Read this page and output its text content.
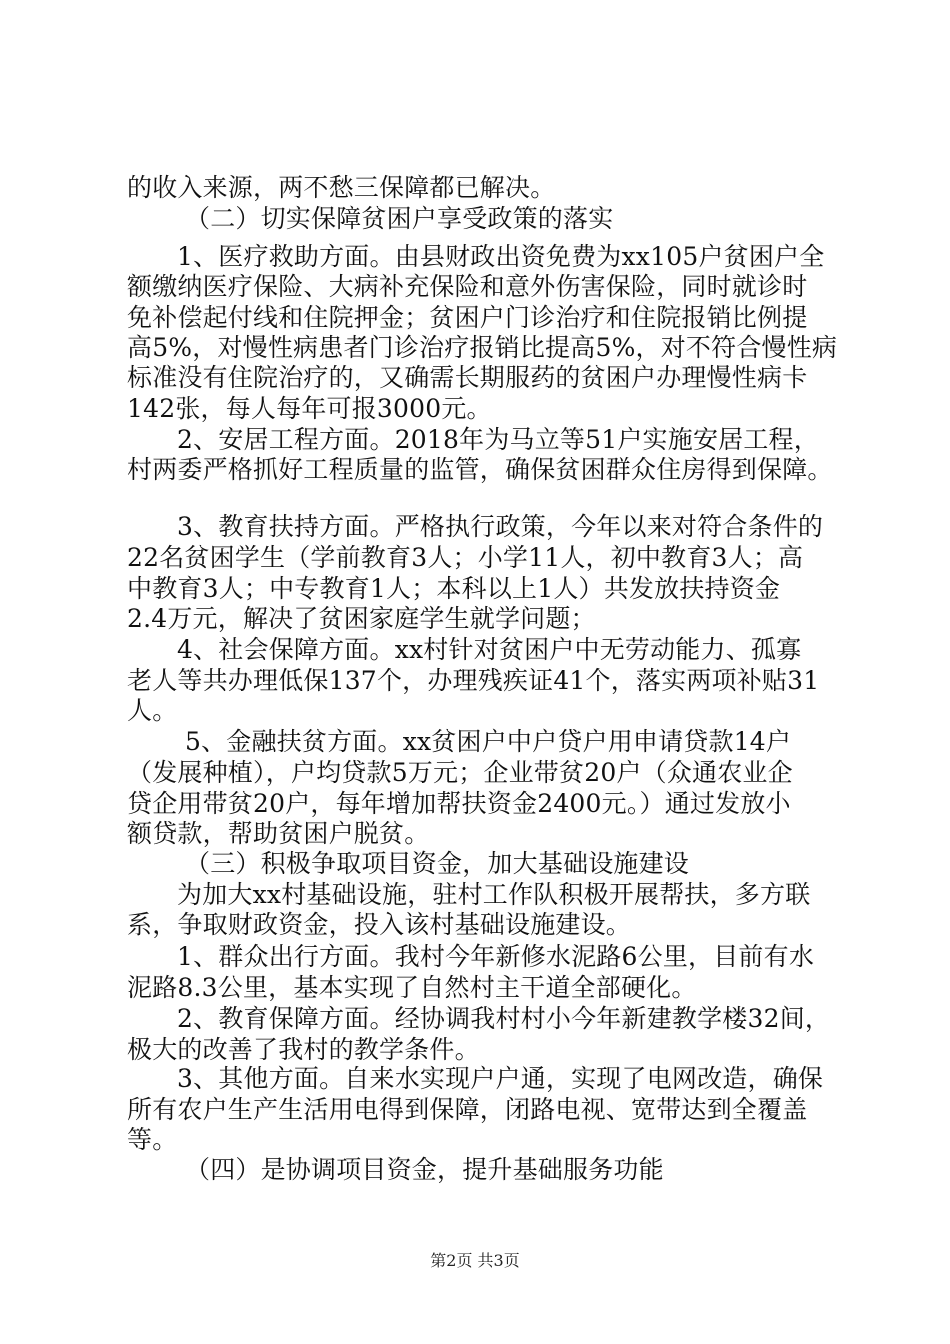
的收入来源，两不愁三保障都已解决。
（二）切实保障贫困户享受政策的落实
1、医疗救助方面。由县财政出资免费为xx105户贫困户全
额缴纳医疗保险、大病补充保险和意外伤害保险，同时就诊时
免补偿起付线和住院押金；贫困户门诊治疗和住院报销比例提
高5%，对慢性病患者门诊治疗报销比提高5%，对不符合慢性病
标准没有住院治疗的，又确需长期服药的贫困户办理慢性病卡
142张，每人每年可报3000元。
2、安居工程方面。2018年为马立等51户实施安居工程，
村两委严格抓好工程质量的监管，确保贫困群众住房得到保障。
3、教育扶持方面。严格执行政策，今年以来对符合条件的
22名贫困学生（学前教育3人；小学11人，初中教育3人；高
中教育3人；中专教育1人；本科以上1人）共发放扶持资金
2.4万元，解决了贫困家庭学生就学问题；
4、社会保障方面。xx村针对贫困户中无劳动能力、孤寡
老人等共办理低保137个，办理残疾证41个，落实两项补贴31
人。
5、金融扶贫方面。xx贫困户中户贷户用申请贷款14户
（发展种植），户均贷款5万元；企业带贫20户（众通农业企
贷企用带贫20户，每年增加帮扶资金2400元。）通过发放小
额贷款，帮助贫困户脱贫。
（三）积极争取项目资金，加大基础设施建设
为加大xx村基础设施，驻村工作队积极开展帮扶，多方联
系，争取财政资金，投入该村基础设施建设。
1、群众出行方面。我村今年新修水泥路6公里，目前有水
泥路8.3公里，基本实现了自然村主干道全部硬化。
2、教育保障方面。经协调我村村小今年新建教学楼32间，
极大的改善了我村的教学条件。
3、其他方面。自来水实现户户通，实现了电网改造，确保
所有农户生产生活用电得到保障，闭路电视、宽带达到全覆盖
等。
（四）是协调项目资金，提升基础服务功能
第2页 共3页
